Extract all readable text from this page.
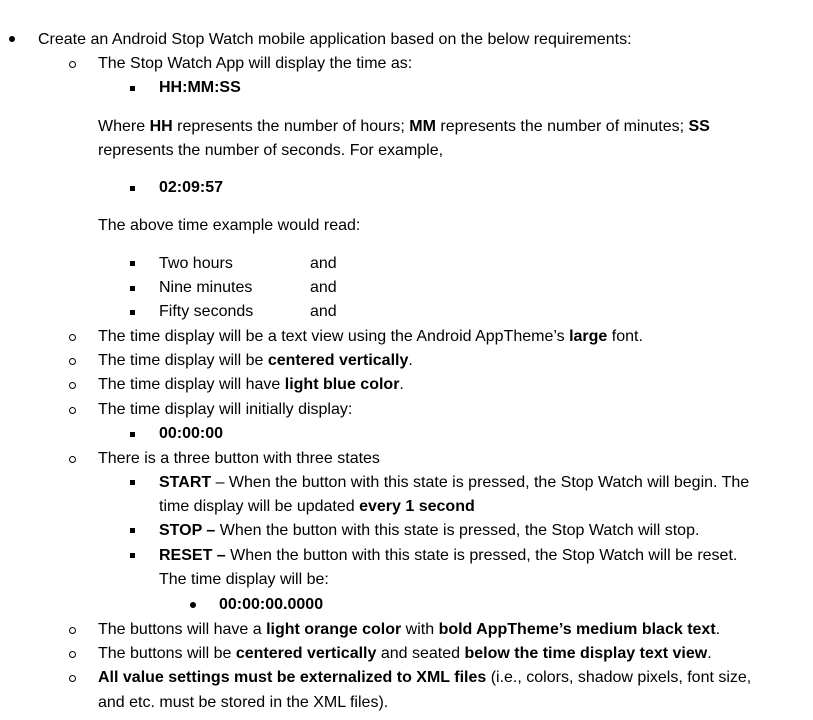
Create an Android Stop Watch mobile application based on the below requirements:
The Stop Watch App will display the time as:
HH:MM:SS
Where HH represents the number of hours; MM represents the number of minutes; SS
represents the number of seconds. For example,
02:09:57
The above time example would read:
Two hours	and
Nine minutes	and
Fifty seconds	and
The time display will be a text view using the Android AppTheme’s large font.
The time display will be centered vertically.
The time display will have light blue color.
The time display will initially display:
00:00:00
There is a three button with three states
START – When the button with this state is pressed, the Stop Watch will begin. The
time display will be updated every 1 second
STOP – When the button with this state is pressed, the Stop Watch will stop.
RESET – When the button with this state is pressed, the Stop Watch will be reset.
The time display will be:
00:00:00.0000
The buttons will have a light orange color with bold AppTheme’s medium black text.
The buttons will be centered vertically and seated below the time display text view.
All value settings must be externalized to XML files (i.e., colors, shadow pixels, font size,
and etc. must be stored in the XML files).
